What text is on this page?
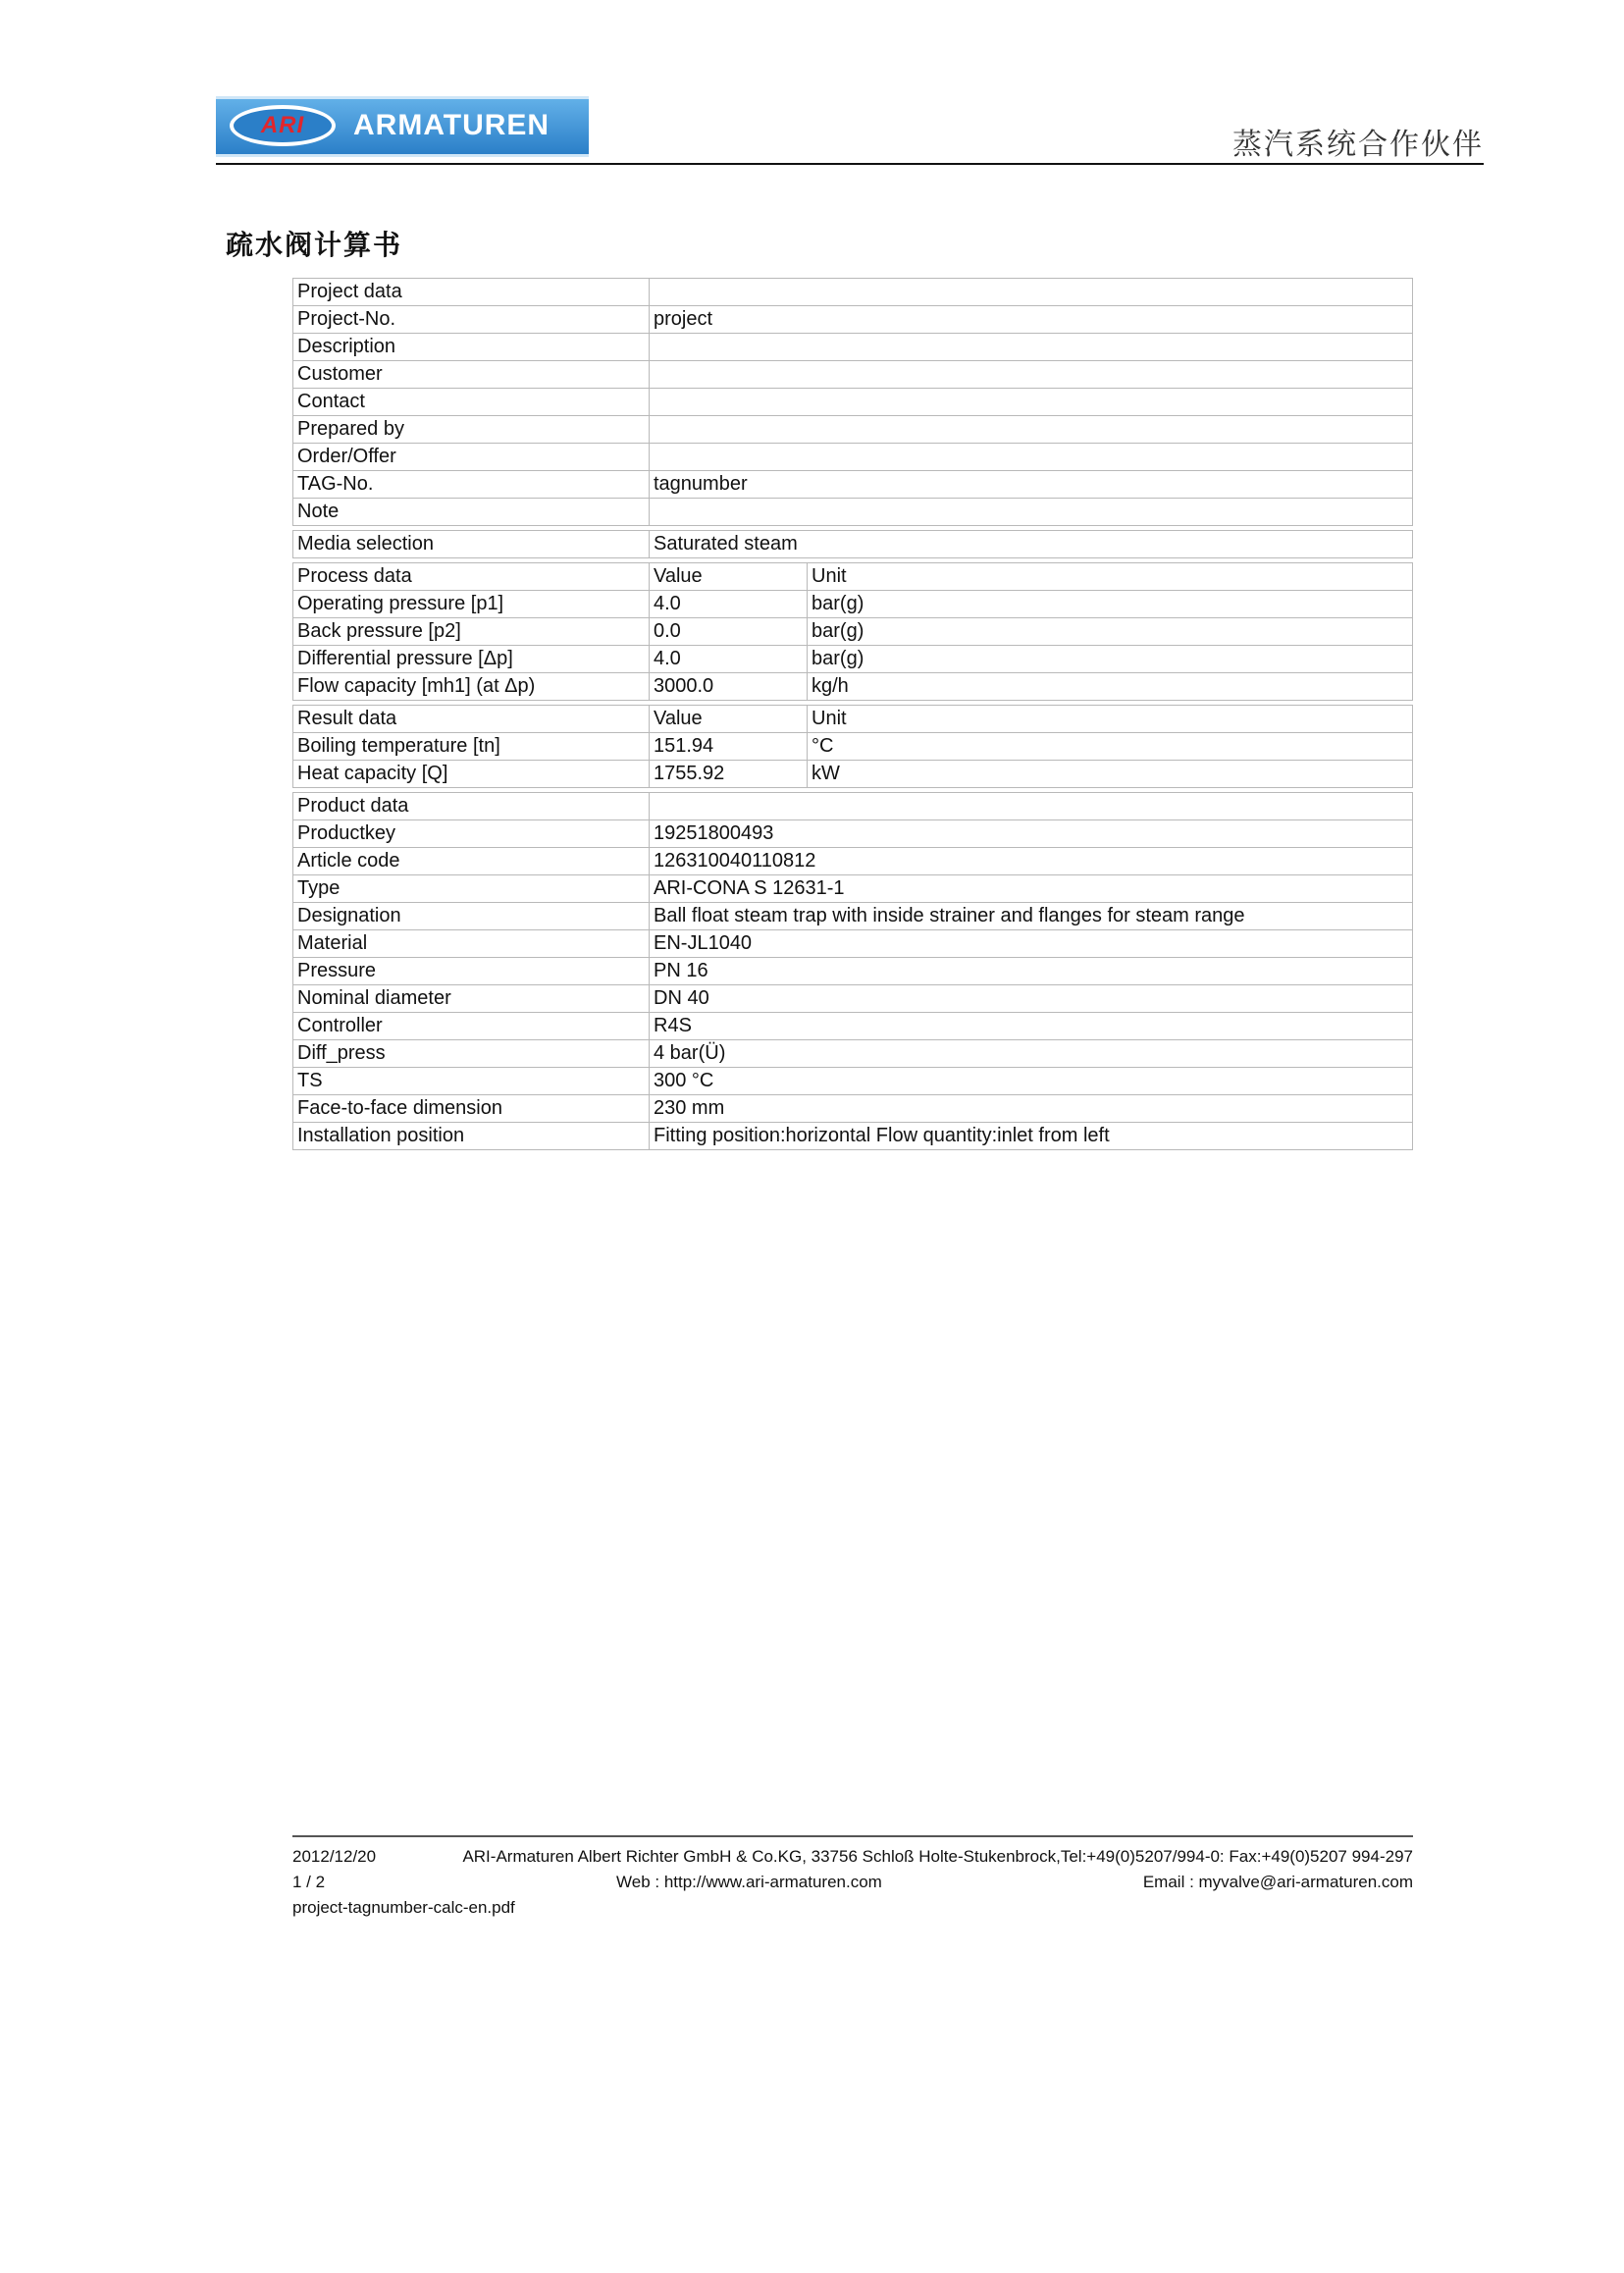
ARI	ARMATUREN
蒸汽系统合作伙伴
疏水阀计算书
Project data		
Project-No.	project	
Description		
Customer		
Contact		
Prepared by		
Order/Offer		
TAG-No.	tagnumber	
Note		

Media selection	Saturated steam	

Process data	Value	Unit
Operating pressure [p1]	4.0	bar(g)
Back pressure [p2]	0.0	bar(g)
Differential pressure [Δp]	4.0	bar(g)
Flow capacity [mh1] (at Δp)	3000.0	kg/h

Result data	Value	Unit
Boiling temperature [tn]	151.94	°C
Heat capacity [Q]	1755.92	kW

Product data		
Productkey	19251800493	
Article code	126310040110812	
Type	ARI-CONA S 12631-1	
Designation	Ball float steam trap with inside strainer and flanges for steam range	
Material	EN-JL1040	
Pressure	PN 16	
Nominal diameter	DN 40	
Controller	R4S	
Diff_press	4 bar(Ü)	
TS	300 °C	
Face-to-face dimension	230 mm	
Installation position	Fitting position:horizontal Flow quantity:inlet from left	
2012/12/20	ARI-Armaturen Albert Richter GmbH & Co.KG, 33756 Schloß Holte-Stukenbrock,Tel:+49(0)5207/994-0: Fax:+49(0)5207 994-297
1 / 2	Web : http://www.ari-armaturen.com	Email : myvalve@ari-armaturen.com
project-tagnumber-calc-en.pdf
